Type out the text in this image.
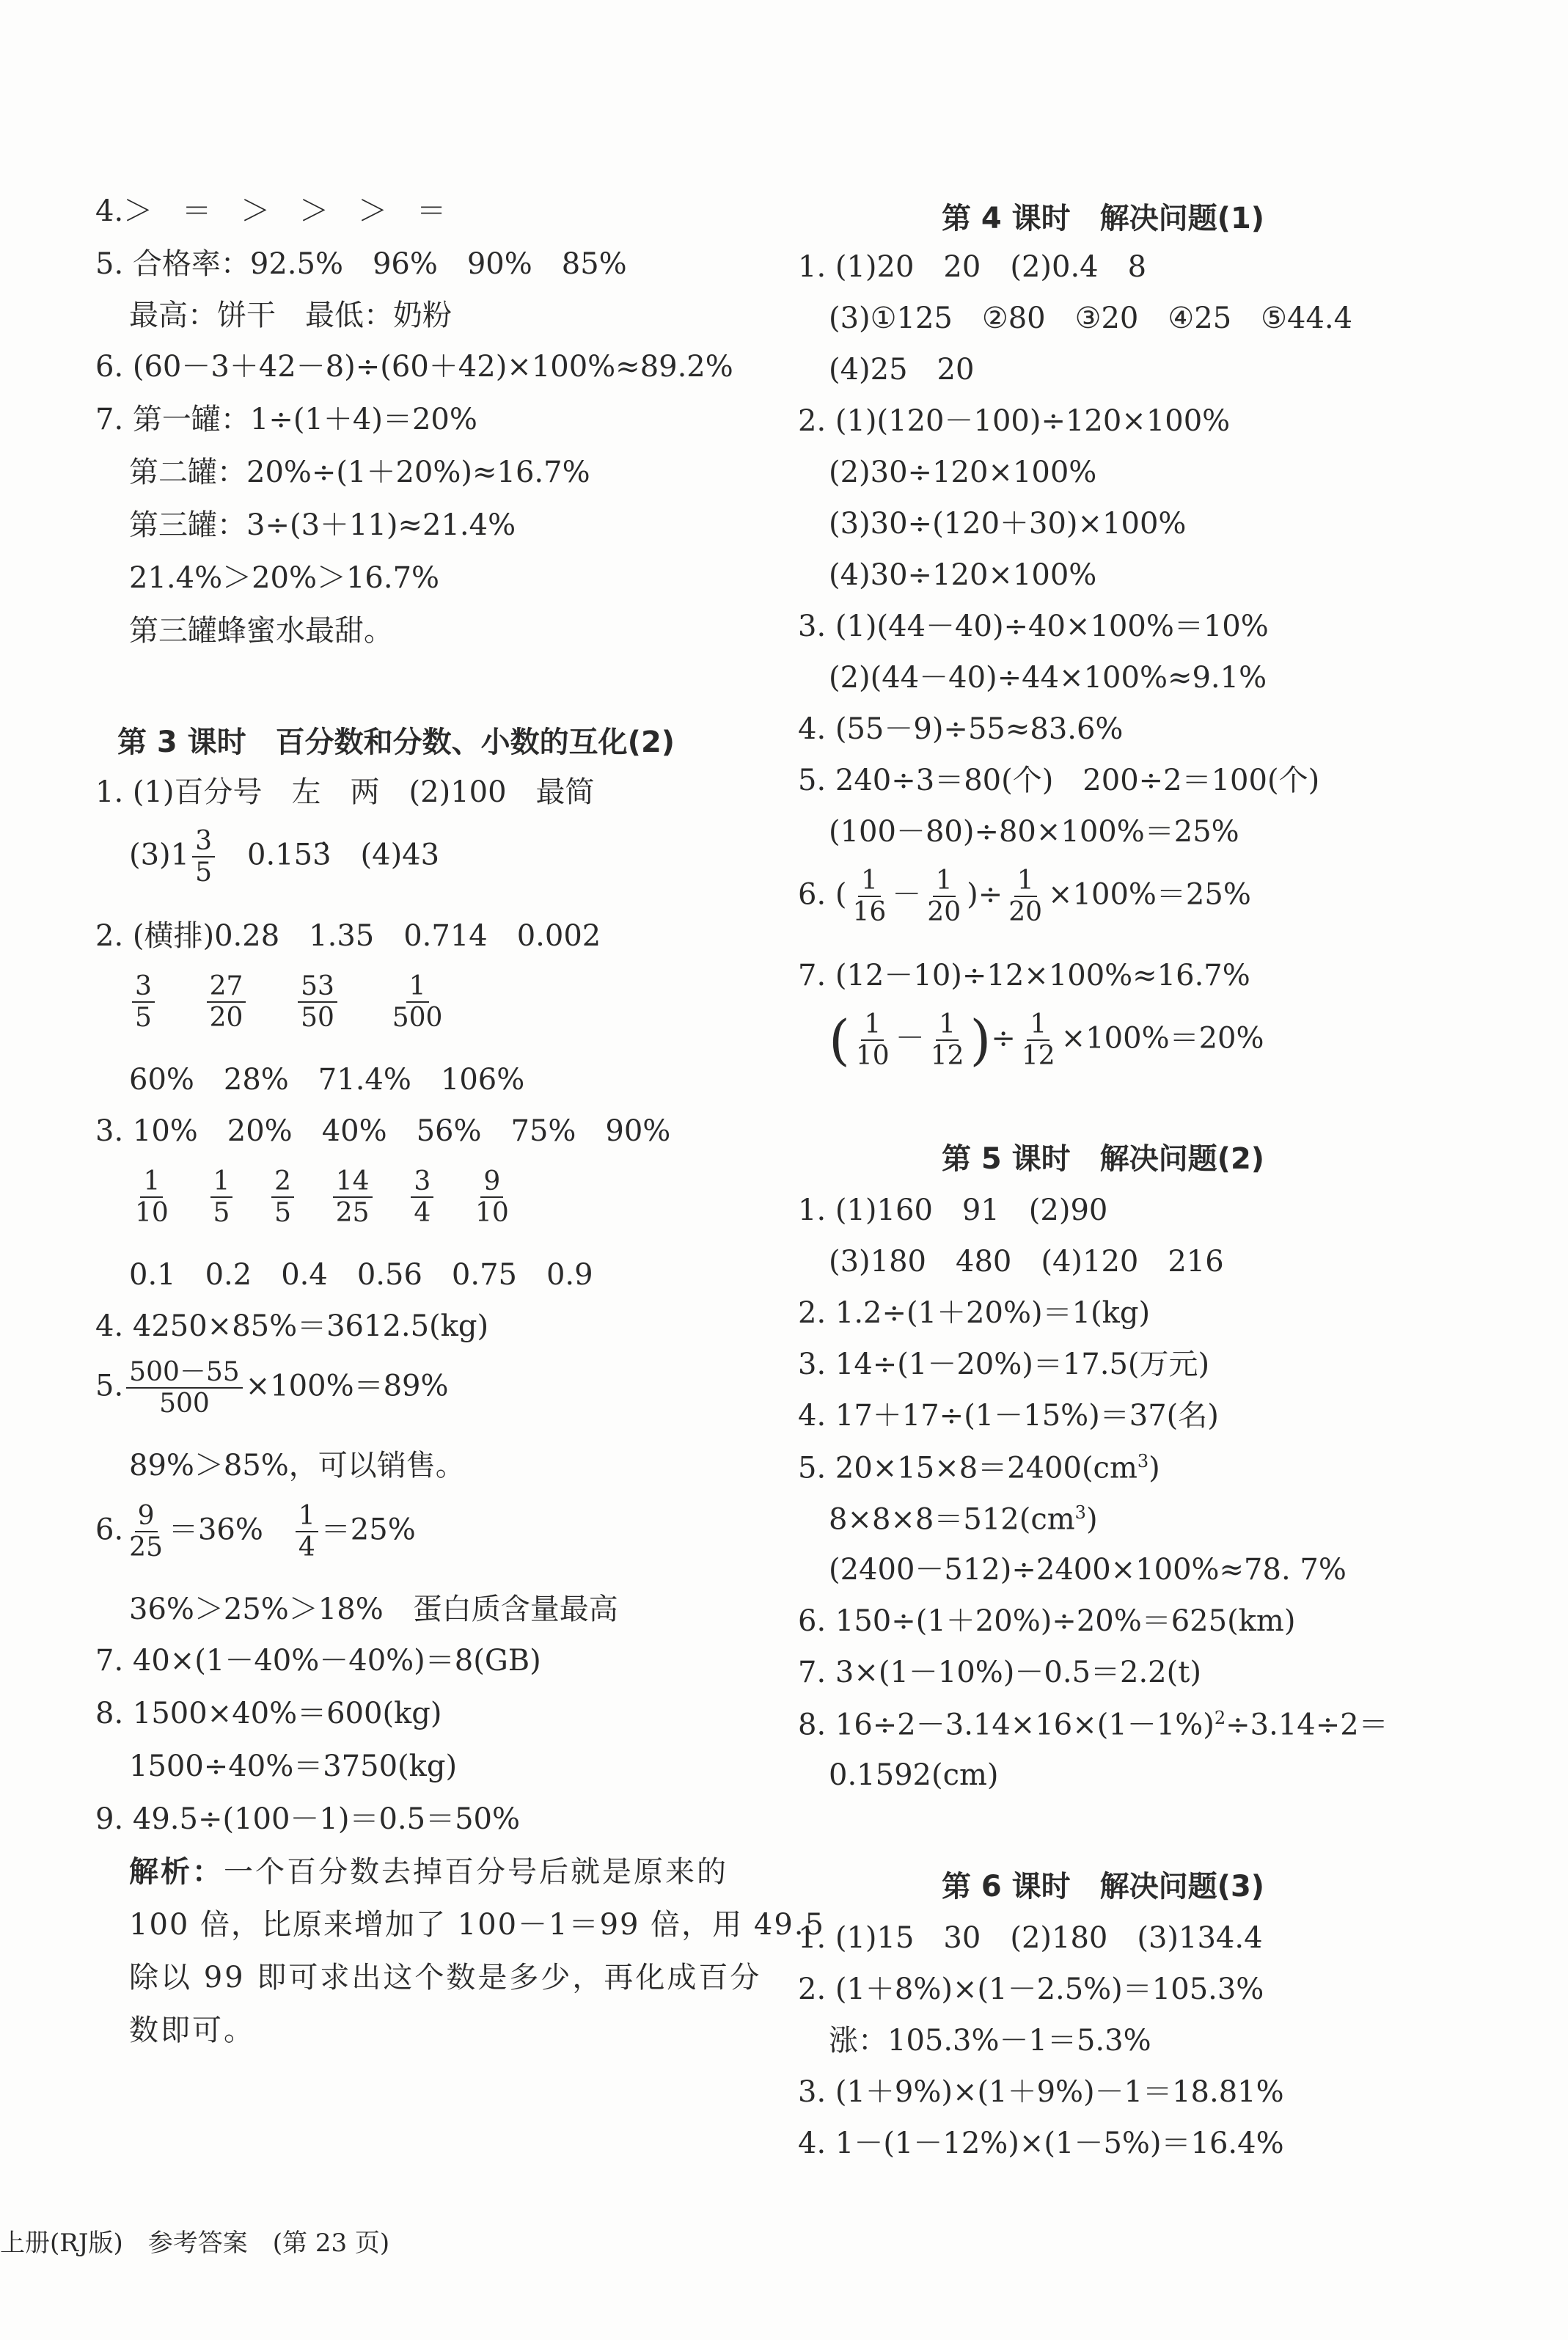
4.＞　＝　＞　＞　＞　＝
5. 合格率：92.5%　96%　90%　85%
最高：饼干　最低：奶粉
6. (60－3＋42－8)÷(60＋42)×100%≈89.2%
7. 第一罐：1÷(1＋4)＝20%
第二罐：20%÷(1＋20%)≈16.7%
第三罐：3÷(3＋11)≈21.4%
21.4%＞20%＞16.7%
第三罐蜂蜜水最甜。
第 3 课时　百分数和分数、小数的互化(2)
1. (1)百分号　左　两　(2)100　最简
$(3)1 \frac{3}{5}$ 　0.153̇　(4)43
2. (横排)0.28　1.35　0.714　0.002
$\frac{3}{5}$
$\frac{27}{20}$
$\frac{53}{50}$
$\frac{1}{500}$
60%　28%　71.4%　106%
3. 10%　20%　40%　56%　75%　90%
$\frac{1}{10}$
$\frac{1}{5}$
$\frac{2}{5}$
$\frac{14}{25}$
$\frac{3}{4}$
$\frac{9}{10}$
0.1　0.2　0.4　0.56　0.75　0.9
4. 4250×85%＝3612.5(kg)
5. $\frac{500-55}{500} \times 100\%=89\%$
89%＞85%，可以销售。
6. $\frac{9}{25} =36\% \frac{1}{4} =25\%$
36%＞25%＞18%　蛋白质含量最高
7. 40×(1－40%－40%)＝8(GB)
8. 1500×40%＝600(kg)
1500÷40%＝3750(kg)
9. 49.5÷(100－1)＝0.5＝50%
解析：一个百分数去掉百分号后就是原来的
100 倍，比原来增加了 100－1＝99 倍，用 49.5
除以 99 即可求出这个数是多少，再化成百分
数即可。
第 4 课时　解决问题(1)
1. (1)20　20　(2)0.4　8
(3)①125　②80　③20　④25　⑤44.4
(4)25　20
2. (1)(120－100)÷120×100%
(2)30÷120×100%
(3)30÷(120＋30)×100%
(4)30÷120×100%
3. (1)(44－40)÷40×100%＝10%
(2)(44－40)÷44×100%≈9.1%
4. (55－9)÷55≈83.6%
5. 240÷3＝80(个)　200÷2＝100(个)
(100－80)÷80×100%＝25%
6. ( $\frac{1}{16} - \frac{1}{20}$ )÷ $\frac{1}{20} \times 100\%=25\%$
7. (12－10)÷12×100%≈16.7%
( $\frac{1}{10} - \frac{1}{12}$ )÷ $\frac{1}{12} \times 100\%=20\%$
第 5 课时　解决问题(2)
1. (1)160　91　(2)90
(3)180　480　(4)120　216
2. 1.2÷(1＋20%)＝1(kg)
3. 14÷(1－20%)＝17.5(万元)
4. 17＋17÷(1－15%)＝37(名)
5. $20\times 15\times 8=2400(cm^3)$
$8\times 8\times 8=512(cm^3)$
(2400－512)÷2400×100%≈78. 7%
6. 150÷(1＋20%)÷20%＝625(km)
7. 3×(1－10%)－0.5＝2.2(t)
8. $16\div 2-3.14\times 16\times(1-1\%)^2\div 3.14\div 2=$
0.1592(cm)
第 6 课时　解决问题(3)
1. (1)15　30　(2)180　(3)134.4
2. (1＋8%)×(1－2.5%)＝105.3%
涨：105.3%－1＝5.3%
3. (1＋9%)×(1＋9%)－1＝18.81%
4. 1－(1－12%)×(1－5%)＝16.4%
上册(RJ版)　参考答案　(第 23 页)
